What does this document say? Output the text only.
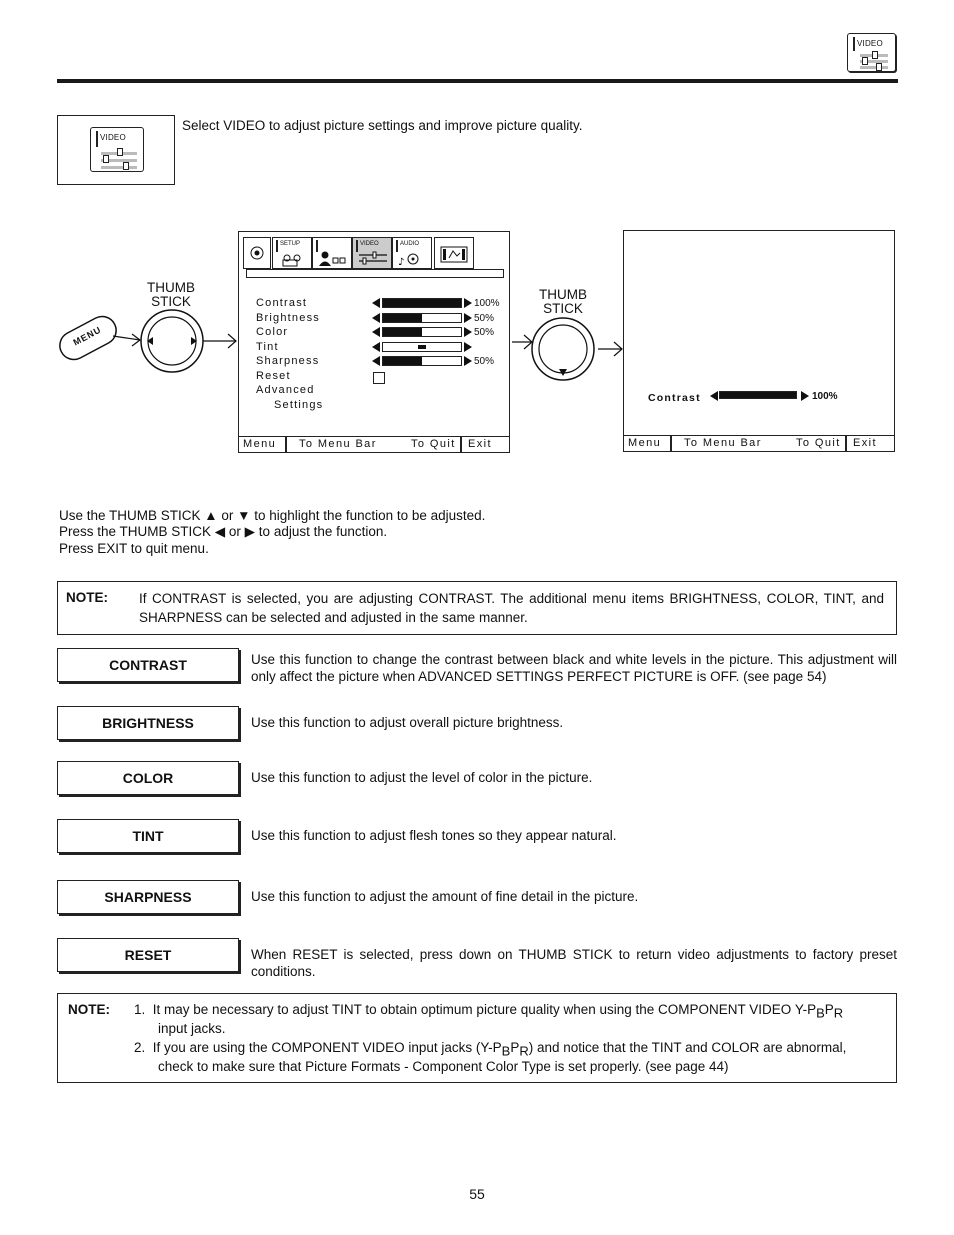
VIDEO
VIDEO
Select VIDEO to adjust picture settings and improve picture quality.
MENU
THUMB
STICK	THUMB
STICK
SETUP	VIDEO	AUDIO
♪
Contrast	100%
Brightness	50%
Color	50%
Tint
Sharpness	50%
Reset
Advanced
Settings
Menu To Menu Bar	To Quit Exit
Contrast	100%
Menu To Menu Bar	To Quit Exit
Use the THUMB STICK ▲ or ▼ to highlight the function to be adjusted.
Press the THUMB STICK ◀ or ▶ to adjust the function.
Press EXIT to quit menu.
NOTE: If CONTRAST is selected, you are adjusting CONTRAST. The additional menu items BRIGHTNESS, COLOR, TINT, and SHARPNESS can be selected and adjusted in the same manner.
CONTRAST	Use this function to change the contrast between black and white levels in the picture. This adjustment will only affect the picture when ADVANCED SETTINGS PERFECT PICTURE is OFF. (see page 54)
BRIGHTNESS	Use this function to adjust overall picture brightness.
COLOR	Use this function to adjust the level of color in the picture.
TINT	Use this function to adjust flesh tones so they appear natural.
SHARPNESS	Use this function to adjust the amount of fine detail in the picture.
RESET	When RESET is selected, press down on THUMB STICK to return video adjustments to factory preset conditions.
NOTE: 1. It may be necessary to adjust TINT to obtain optimum picture quality when using the COMPONENT VIDEO $Y-P_BP_R$
input jacks.
2. If you are using the COMPONENT VIDEO input jacks $(Y-P_BP_R)$ and notice that the TINT and COLOR are abnormal,
check to make sure that Picture Formats - Component Color Type is set properly. (see page 44)
55
